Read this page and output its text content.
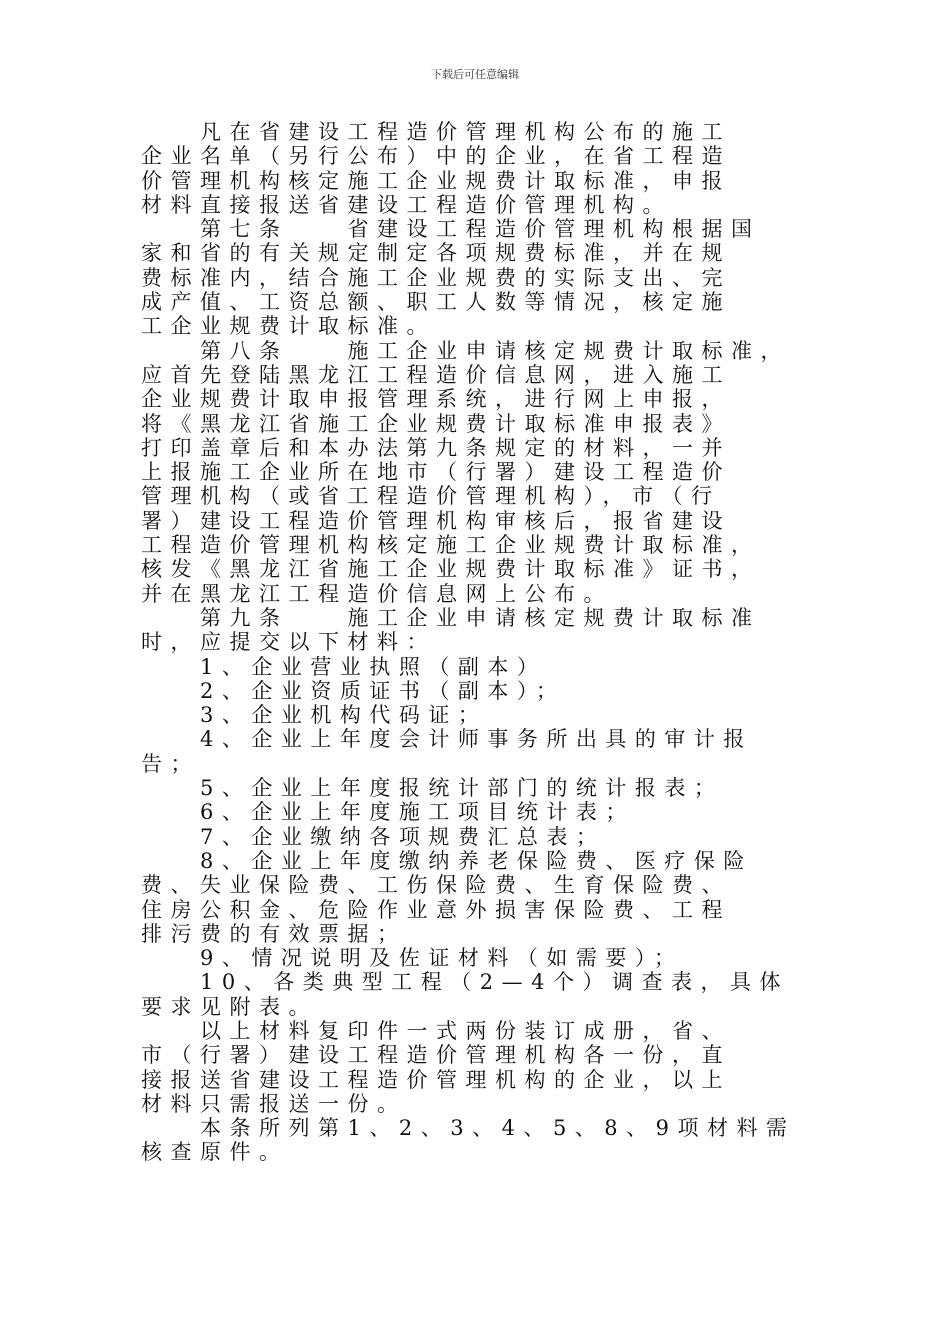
下载后可任意编辑
　　凡在省建设工程造价管理机构公布的施工
企业名单（另行公布）中的企业，在省工程造
价管理机构核定施工企业规费计取标准，申报
材料直接报送省建设工程造价管理机构。
　　第七条　　省建设工程造价管理机构根据国
家和省的有关规定制定各项规费标准，并在规
费标准内，结合施工企业规费的实际支出、完
成产值、工资总额、职工人数等情况，核定施
工企业规费计取标准。
　　第八条　　施工企业申请核定规费计取标准，
应首先登陆黑龙江工程造价信息网，进入施工
企业规费计取申报管理系统，进行网上申报，
将《黑龙江省施工企业规费计取标准申报表》
打印盖章后和本办法第九条规定的材料，一并
上报施工企业所在地市（行署）建设工程造价
管理机构（或省工程造价管理机构），市（行
署）建设工程造价管理机构审核后，报省建设
工程造价管理机构核定施工企业规费计取标准，
核发《黑龙江省施工企业规费计取标准》证书，
并在黑龙江工程造价信息网上公布。
　　第九条　　施工企业申请核定规费计取标准
时，应提交以下材料：
　　1、企业营业执照（副本）
　　2、企业资质证书（副本）；
　　3、企业机构代码证；
　　4、企业上年度会计师事务所出具的审计报
告；
　　5、企业上年度报统计部门的统计报表；
　　6、企业上年度施工项目统计表；
　　7、企业缴纳各项规费汇总表；
　　8、企业上年度缴纳养老保险费、医疗保险
费、失业保险费、工伤保险费、生育保险费、
住房公积金、危险作业意外损害保险费、工程
排污费的有效票据；
　　9、情况说明及佐证材料（如需要）；
　　10、各类典型工程（2—4个）调查表，具体
要求见附表。
　　以上材料复印件一式两份装订成册，省、
市（行署）建设工程造价管理机构各一份，直
接报送省建设工程造价管理机构的企业，以上
材料只需报送一份。
　　本条所列第1、2、3、4、5、8、9项材料需
核查原件。
